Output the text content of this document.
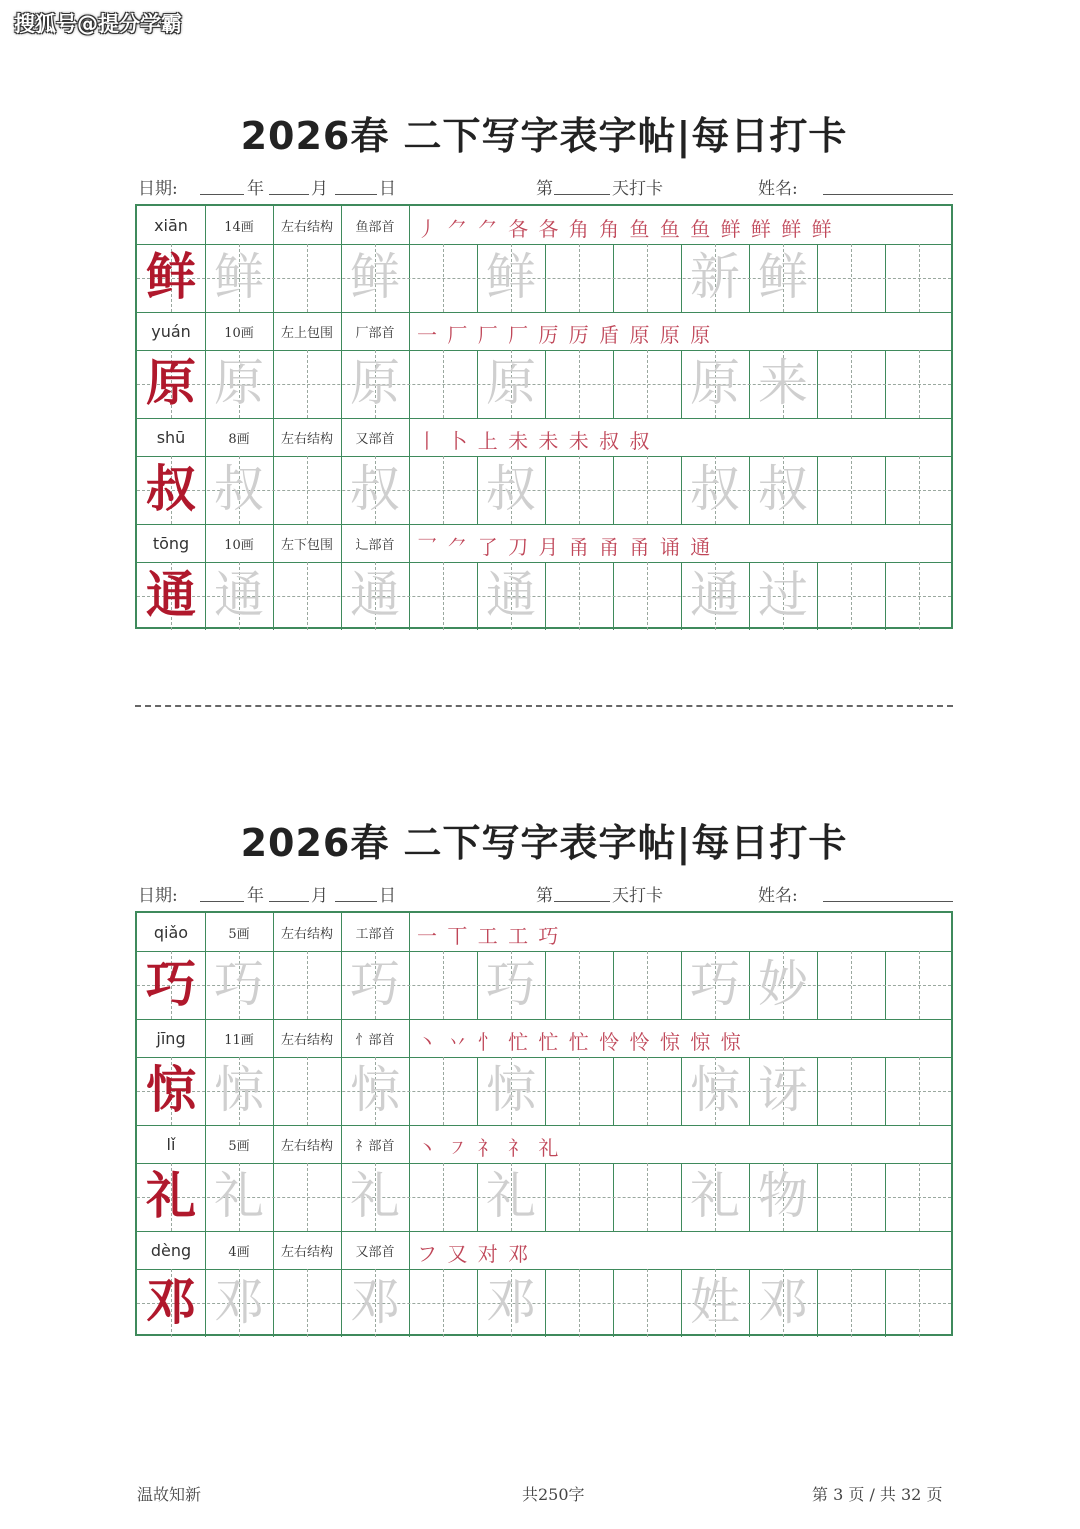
搜狐号@提分学霸
2026春 二下写字表字帖|每日打卡
日期:	年	月	日	第	天打卡	姓名:
xiān	14画	左右结构	鱼部首	丿 ⺈ ⺈ 各 各 角 角 鱼 鱼 鱼 鲜 鲜 鲜 鲜
鲜 鲜 鲜 鲜	新 鲜
yuán	10画	左上包围	厂部首	一 厂 厂 厂 厉 厉 盾 原 原 原
原 原 原 原	原 来
shū	8画	左右结构	又部首	丨 卜 上 未 未 未 叔 叔
叔 叔 叔 叔	叔 叔
tōng	10画	左下包围	辶部首	乛 ⺈ 了 刀 月 甬 甬 甬 诵 通
通 通 通 通	通 过
2026春 二下写字表字帖|每日打卡
日期:	年	月	日	第	天打卡	姓名:
qiǎo	5画	左右结构	工部首	一 丅 工 工 巧
巧 巧 巧 巧	巧 妙
jīng	11画	左右结构	忄部首	丶 丷 忄 忙 忙 忙 怜 怜 惊 惊 惊
惊 惊 惊 惊	惊 讶
lǐ	5画	左右结构	礻部首	丶 ㇇ 礻 礻 礼
礼 礼 礼 礼	礼 物
dèng	4画	左右结构	又部首	フ 又 对 邓
邓 邓 邓 邓	姓 邓
温故知新	共250字	第 3 页 / 共 32 页
